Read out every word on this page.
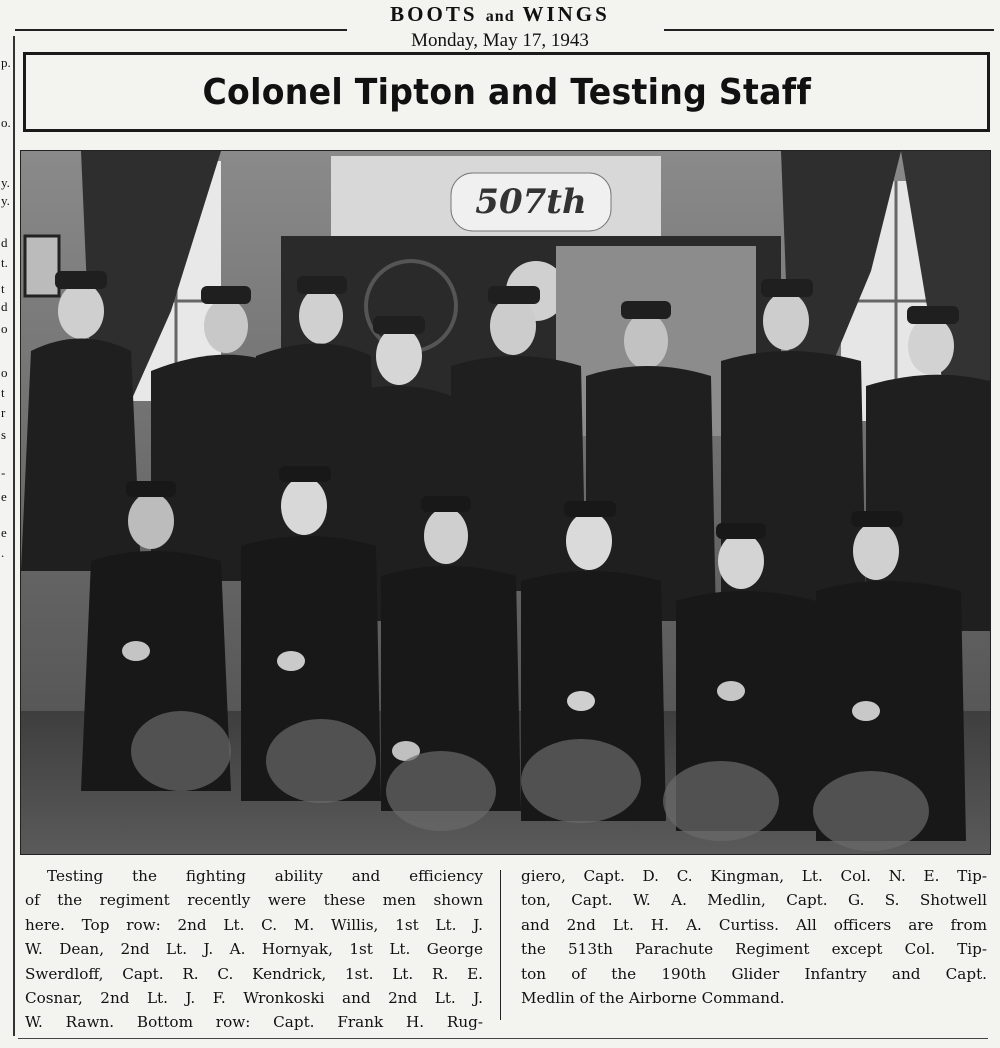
BOOTS and WINGS
Monday, May 17, 1943
p.
o.
y.
y.
d
t.
t
d
o
o
t
r
s
-
e
e
.
Colonel Tipton and Testing Staff
507th
Testing the fighting ability and efficiency
of the regiment recently were these men shown
here. Top row: 2nd Lt. C. M. Willis, 1st Lt. J.
W. Dean, 2nd Lt. J. A. Hornyak, 1st Lt. George
Swerdloff, Capt. R. C. Kendrick, 1st. Lt. R. E.
Cosnar, 2nd Lt. J. F. Wronkoski and 2nd Lt. J.
W. Rawn. Bottom row: Capt. Frank H. Rug-
giero, Capt. D. C. Kingman, Lt. Col. N. E. Tip-
ton, Capt. W. A. Medlin, Capt. G. S. Shotwell
and 2nd Lt. H. A. Curtiss. All officers are from
the 513th Parachute Regiment except Col. Tip-
ton of the 190th Glider Infantry and Capt.
Medlin of the Airborne Command.
